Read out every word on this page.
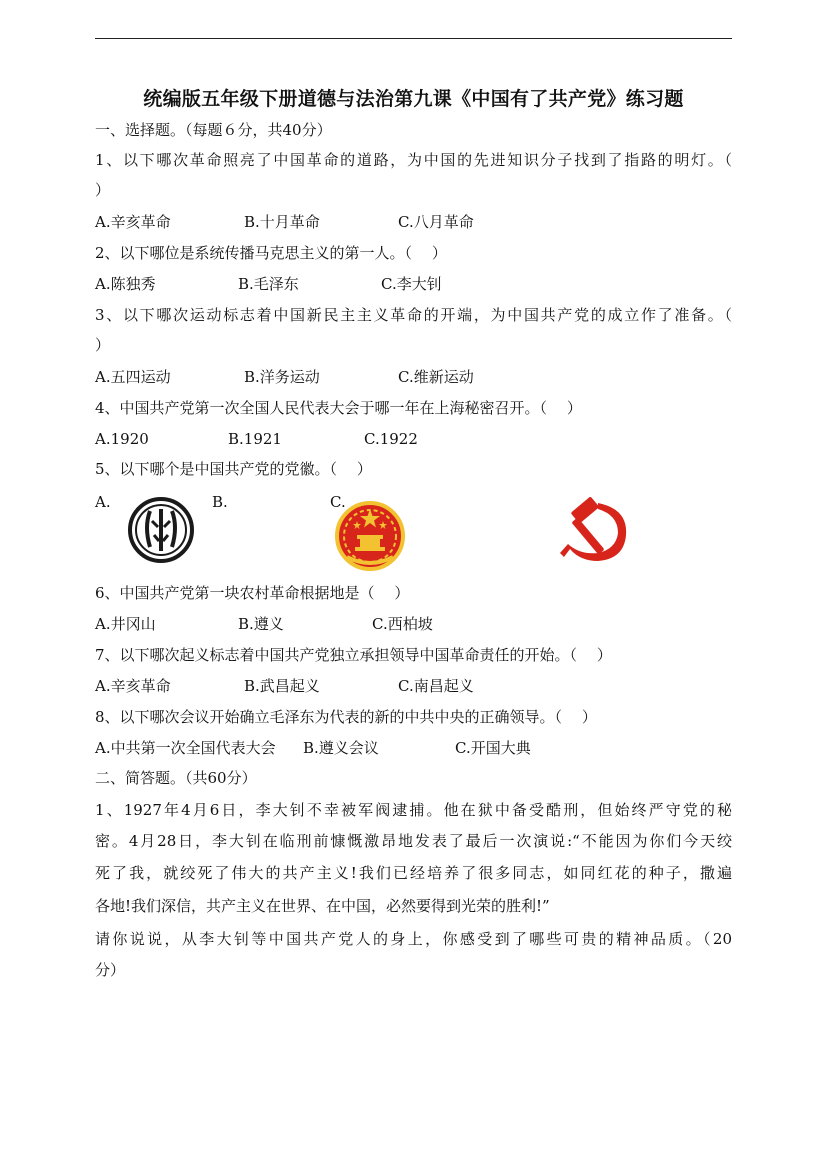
统编版五年级下册道德与法治第九课《中国有了共产党》练习题
一、选择题。（每题６分，共40分）
1、以下哪次革命照亮了中国革命的道路，为中国的先进知识分子找到了指路的明灯。（
）
A.辛亥革命	B.十月革命	C.八月革命
2、以下哪位是系统传播马克思主义的第一人。（　 ）
A.陈独秀	B.毛泽东	C.李大钊
3、以下哪次运动标志着中国新民主主义革命的开端，为中国共产党的成立作了准备。（
）
A.五四运动	B.洋务运动	C.维新运动
4、中国共产党第一次全国人民代表大会于哪一年在上海秘密召开。（　 ）
A.1920	B.1921	C.1922
5、以下哪个是中国共产党的党徽。（　 ）
A.	B.	C.
6、中国共产党第一块农村革命根据地是（　 ）
A.井冈山	B.遵义	C.西柏坡
7、以下哪次起义标志着中国共产党独立承担领导中国革命责任的开始。（　 ）
A.辛亥革命	B.武昌起义	C.南昌起义
8、以下哪次会议开始确立毛泽东为代表的新的中共中央的正确领导。（　 ）
A.中共第一次全国代表大会 B.遵义会议	C.开国大典
二、简答题。（共60分）
1、1927年4月6日，李大钊不幸被军阀逮捕。他在狱中备受酷刑，但始终严守党的秘
密。4月28日，李大钊在临刑前慷慨激昂地发表了最后一次演说:“不能因为你们今天绞
死了我，就绞死了伟大的共产主义!我们已经培养了很多同志，如同红花的种子，撒遍
各地!我们深信，共产主义在世界、在中国，必然要得到光荣的胜利!”
请你说说，从李大钊等中国共产党人的身上，你感受到了哪些可贵的精神品质。（20
分）
